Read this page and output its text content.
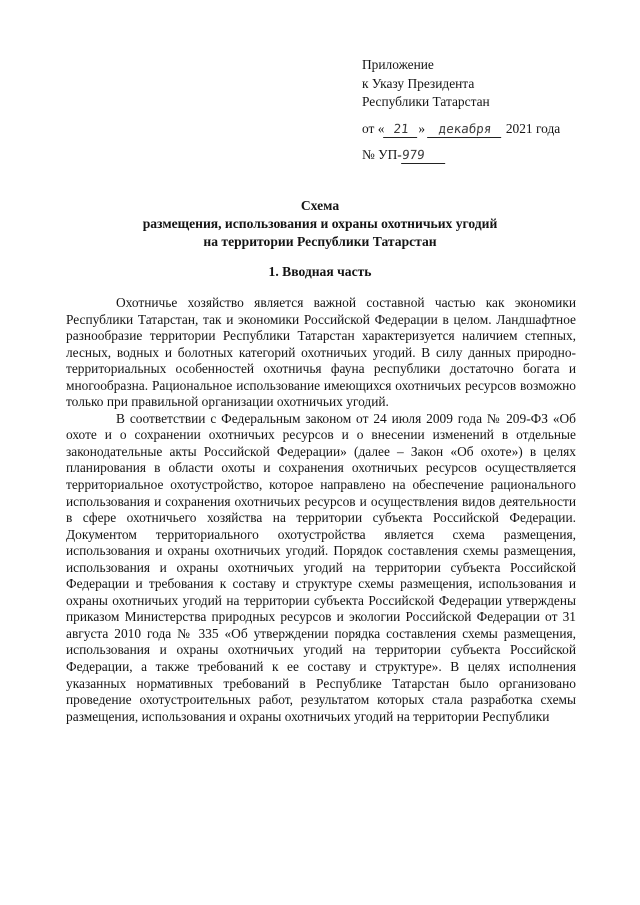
Приложение
к Указу Президента
Республики Татарстан
от « 21 » декабря 2021 года
№ УП-979
Схема
размещения, использования и охраны охотничьих угодий
на территории Республики Татарстан
1. Вводная часть

Охотничье хозяйство является важной составной частью как экономики Республики Татарстан, так и экономики Российской Федерации в целом. Ландшафтное разнообразие территории Республики Татарстан характеризуется наличием степных, лесных, водных и болотных категорий охотничьих угодий. В силу данных природно-территориальных особенностей охотничья фауна республики достаточно богата и многообразна. Рациональное использование имеющихся охотничьих ресурсов возможно только при правильной организации охотничьих угодий.

В соответствии с Федеральным законом от 24 июля 2009 года № 209-ФЗ «Об охоте и о сохранении охотничьих ресурсов и о внесении изменений в отдельные законодательные акты Российской Федерации» (далее – Закон «Об охоте») в целях планирования в области охоты и сохранения охотничьих ресурсов осуществляется территориальное охотустройство, которое направлено на обеспечение рационального использования и сохранения охотничьих ресурсов и осуществления видов деятельности в сфере охотничьего хозяйства на территории субъекта Российской Федерации. Документом территориального охотустройства является схема размещения, использования и охраны охотничьих угодий. Порядок составления схемы размещения, использования и охраны охотничьих угодий на территории субъекта Российской Федерации и требования к составу и структуре схемы размещения, использования и охраны охотничьих угодий на территории субъекта Российской Федерации утверждены приказом Министерства природных ресурсов и экологии Российской Федерации от 31 августа 2010 года № 335 «Об утверждении порядка составления схемы размещения, использования и охраны охотничьих угодий на территории субъекта Российской Федерации, а также требований к ее составу и структуре». В целях исполнения указанных нормативных требований в Республике Татарстан было организовано проведение охотустроительных работ, результатом которых стала разработка схемы размещения, использования и охраны охотничьих угодий на территории Республики
